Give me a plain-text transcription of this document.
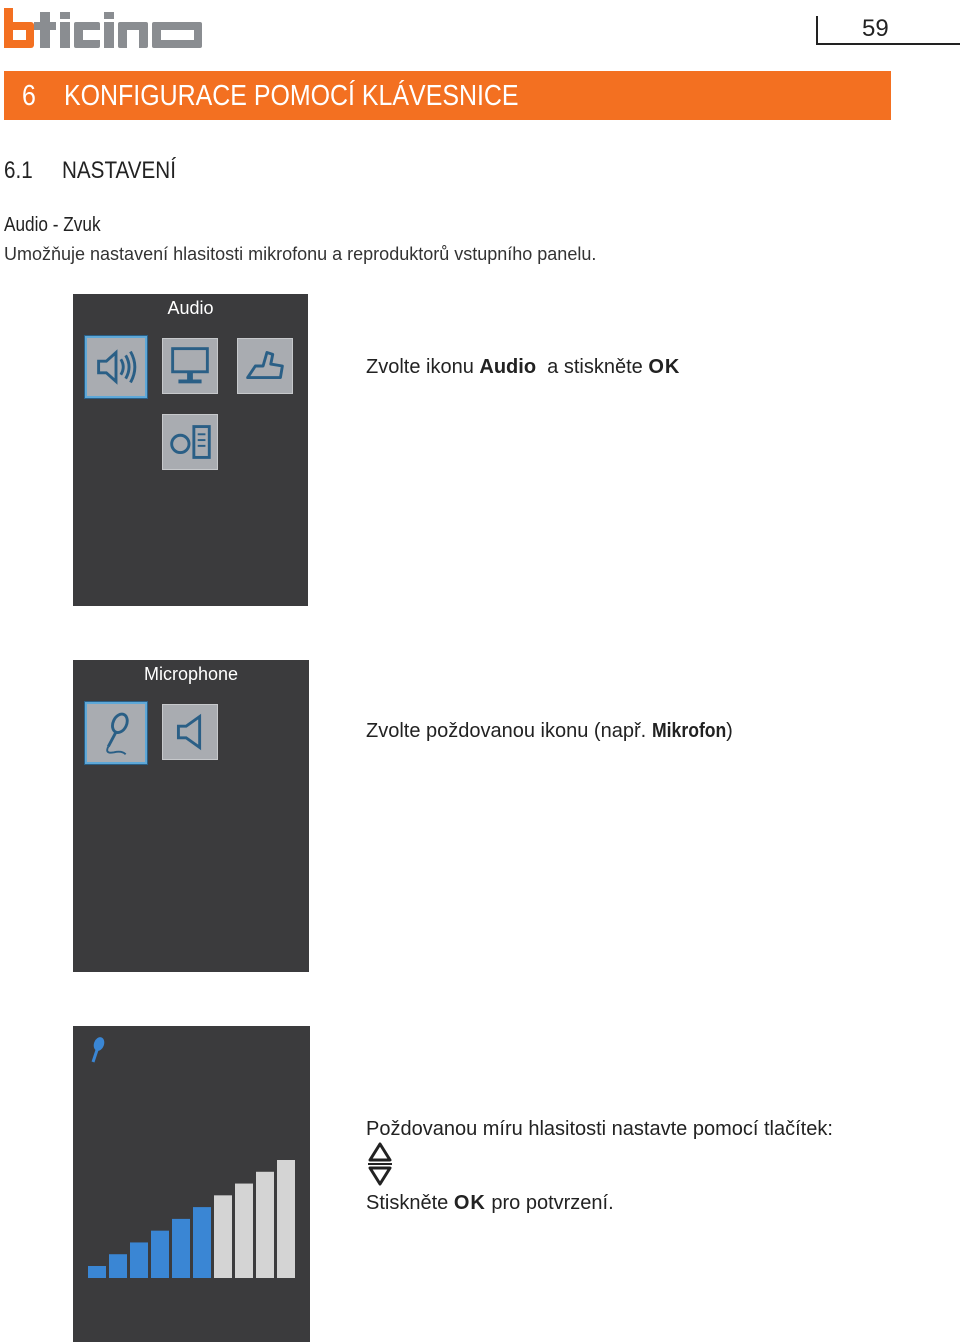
59
6 KONFIGURACE POMOCÍ KLÁVESNICE
6.1 NASTAVENÍ
Audio - Zvuk
Umožňuje nastavení hlasitosti mikrofonu a reproduktorů vstupního panelu.
Audio
Zvolte ikonu Audio  a stiskněte OK
Microphone
Zvolte poždovanou ikonu (např. Mikrofon)
Poždovanou míru hlasitosti nastavte pomocí tlačítek:
Stiskněte OK pro potvrzení.
